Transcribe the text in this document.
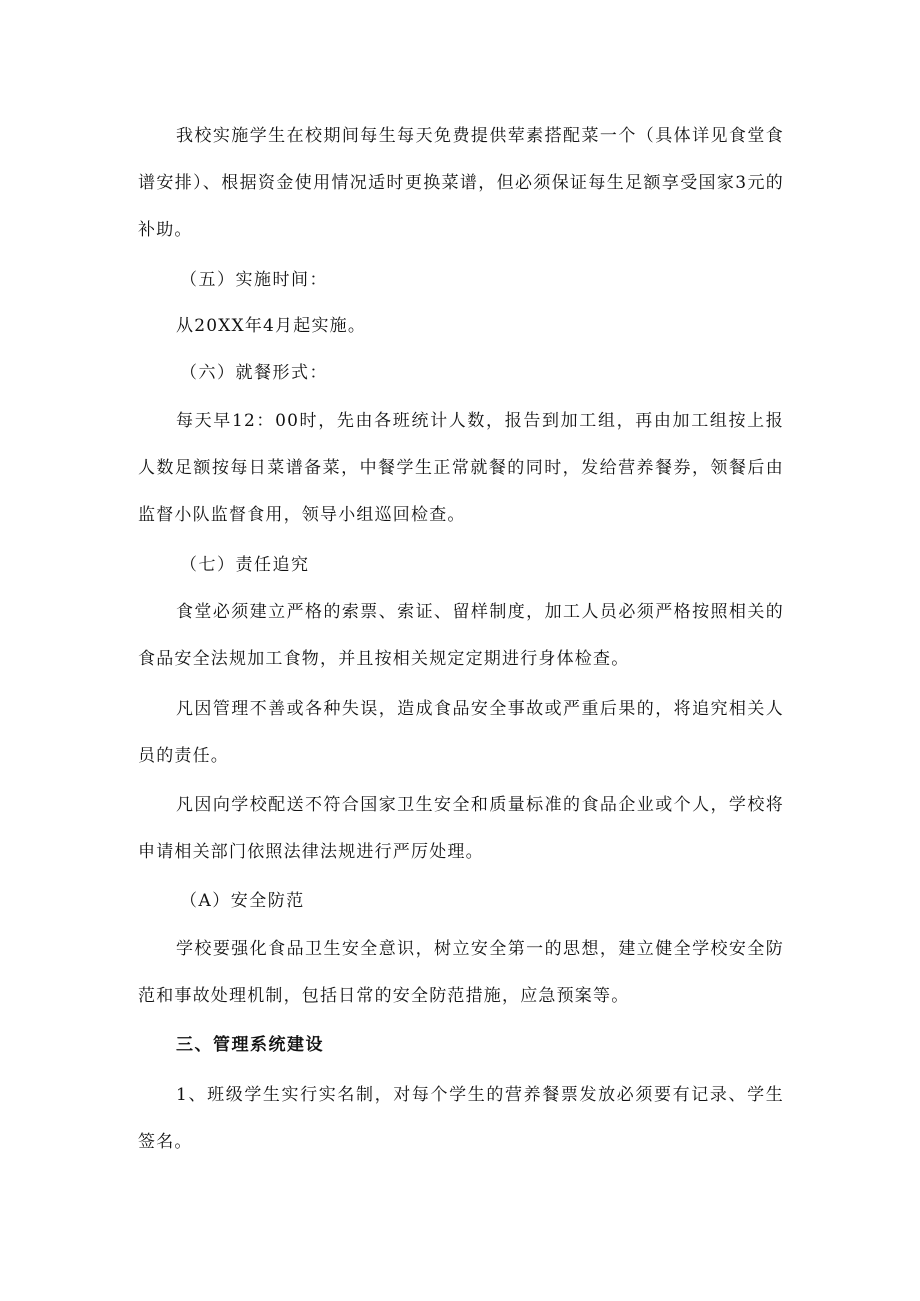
我校实施学生在校期间每生每天免费提供荤素搭配菜一个（具体详见食堂食谱安排）、根据资金使用情况适时更换菜谱，但必须保证每生足额享受国家3元的补助。

（五）实施时间：

从20XX年4月起实施。

（六）就餐形式：

每天早12：00时，先由各班统计人数，报告到加工组，再由加工组按上报人数足额按每日菜谱备菜，中餐学生正常就餐的同时，发给营养餐券，领餐后由监督小队监督食用，领导小组巡回检查。

（七）责任追究

食堂必须建立严格的索票、索证、留样制度，加工人员必须严格按照相关的食品安全法规加工食物，并且按相关规定定期进行身体检查。

凡因管理不善或各种失误，造成食品安全事故或严重后果的，将追究相关人员的责任。

凡因向学校配送不符合国家卫生安全和质量标准的食品企业或个人，学校将申请相关部门依照法律法规进行严厉处理。

（A）安全防范

学校要强化食品卫生安全意识，树立安全第一的思想，建立健全学校安全防范和事故处理机制，包括日常的安全防范措施，应急预案等。

三、管理系统建设

1、班级学生实行实名制，对每个学生的营养餐票发放必须要有记录、学生签名。
